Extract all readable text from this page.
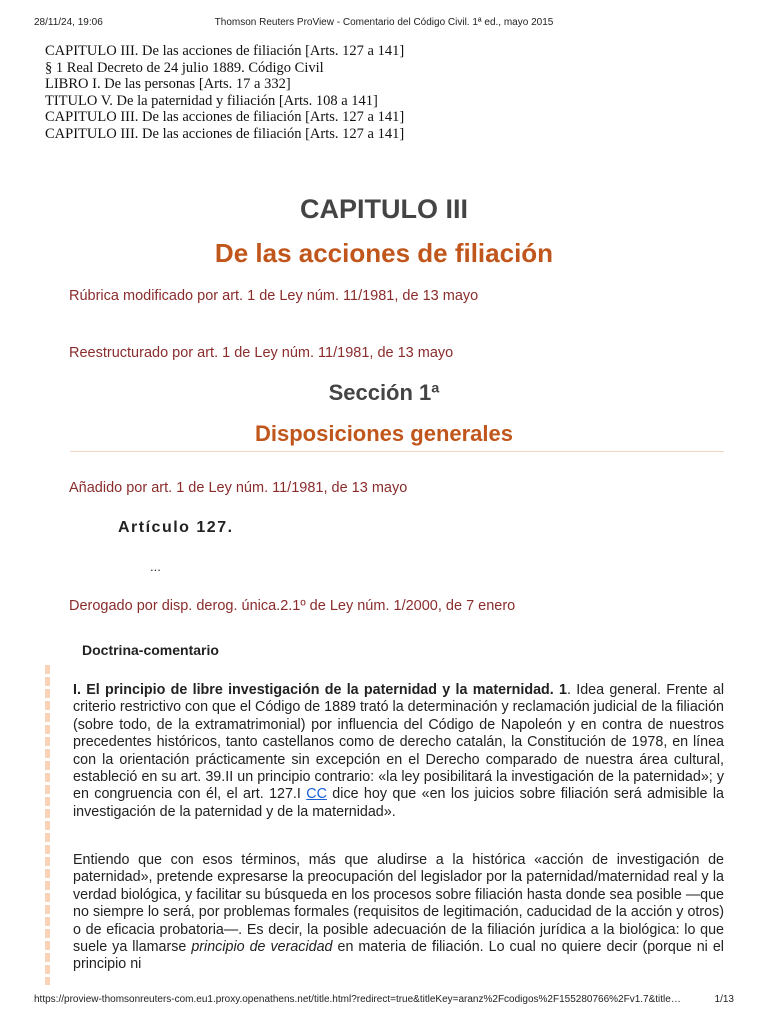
28/11/24, 19:06	Thomson Reuters ProView - Comentario del Código Civil. 1ª ed., mayo 2015
CAPITULO III. De las acciones de filiación [Arts. 127 a 141]
§ 1 Real Decreto de 24 julio 1889. Código Civil
LIBRO I. De las personas [Arts. 17 a 332]
TITULO V. De la paternidad y filiación [Arts. 108 a 141]
CAPITULO III. De las acciones de filiación [Arts. 127 a 141]
CAPITULO III. De las acciones de filiación [Arts. 127 a 141]
CAPITULO III
De las acciones de filiación
Rúbrica modificado por art. 1 de Ley núm. 11/1981, de 13 mayo
Reestructurado por art. 1 de Ley núm. 11/1981, de 13 mayo
Sección 1ª
Disposiciones generales
Añadido por art. 1 de Ley núm. 11/1981, de 13 mayo
Artículo 127.
...
Derogado por disp. derog. única.2.1º de Ley núm. 1/2000, de 7 enero
Doctrina-comentario

I. El principio de libre investigación de la paternidad y la maternidad. 1. Idea general. Frente al criterio restrictivo con que el Código de 1889 trató la determinación y reclamación judicial de la filiación (sobre todo, de la extramatrimonial) por influencia del Código de Napoleón y en contra de nuestros precedentes históricos, tanto castellanos como de derecho catalán, la Constitución de 1978, en línea con la orientación prácticamente sin excepción en el Derecho comparado de nuestra área cultural, estableció en su art. 39.II un principio contrario: «la ley posibilitará la investigación de la paternidad»; y en congruencia con él, el art. 127.I CC dice hoy que «en los juicios sobre filiación será admisible la investigación de la paternidad y de la maternidad».

Entiendo que con esos términos, más que aludirse a la histórica «acción de investigación de paternidad», pretende expresarse la preocupación del legislador por la paternidad/maternidad real y la verdad biológica, y facilitar su búsqueda en los procesos sobre filiación hasta donde sea posible —que no siempre lo será, por problemas formales (requisitos de legitimación, caducidad de la acción y otros) o de eficacia probatoria—. Es decir, la posible adecuación de la filiación jurídica a la biológica: lo que suele ya llamarse principio de veracidad en materia de filiación. Lo cual no quiere decir (porque ni el principio ni

https://proview-thomsonreuters-com.eu1.proxy.openathens.net/title.html?redirect=true&titleKey=aranz%2Fcodigos%2F155280766%2Fv1.7&title…	1/13
